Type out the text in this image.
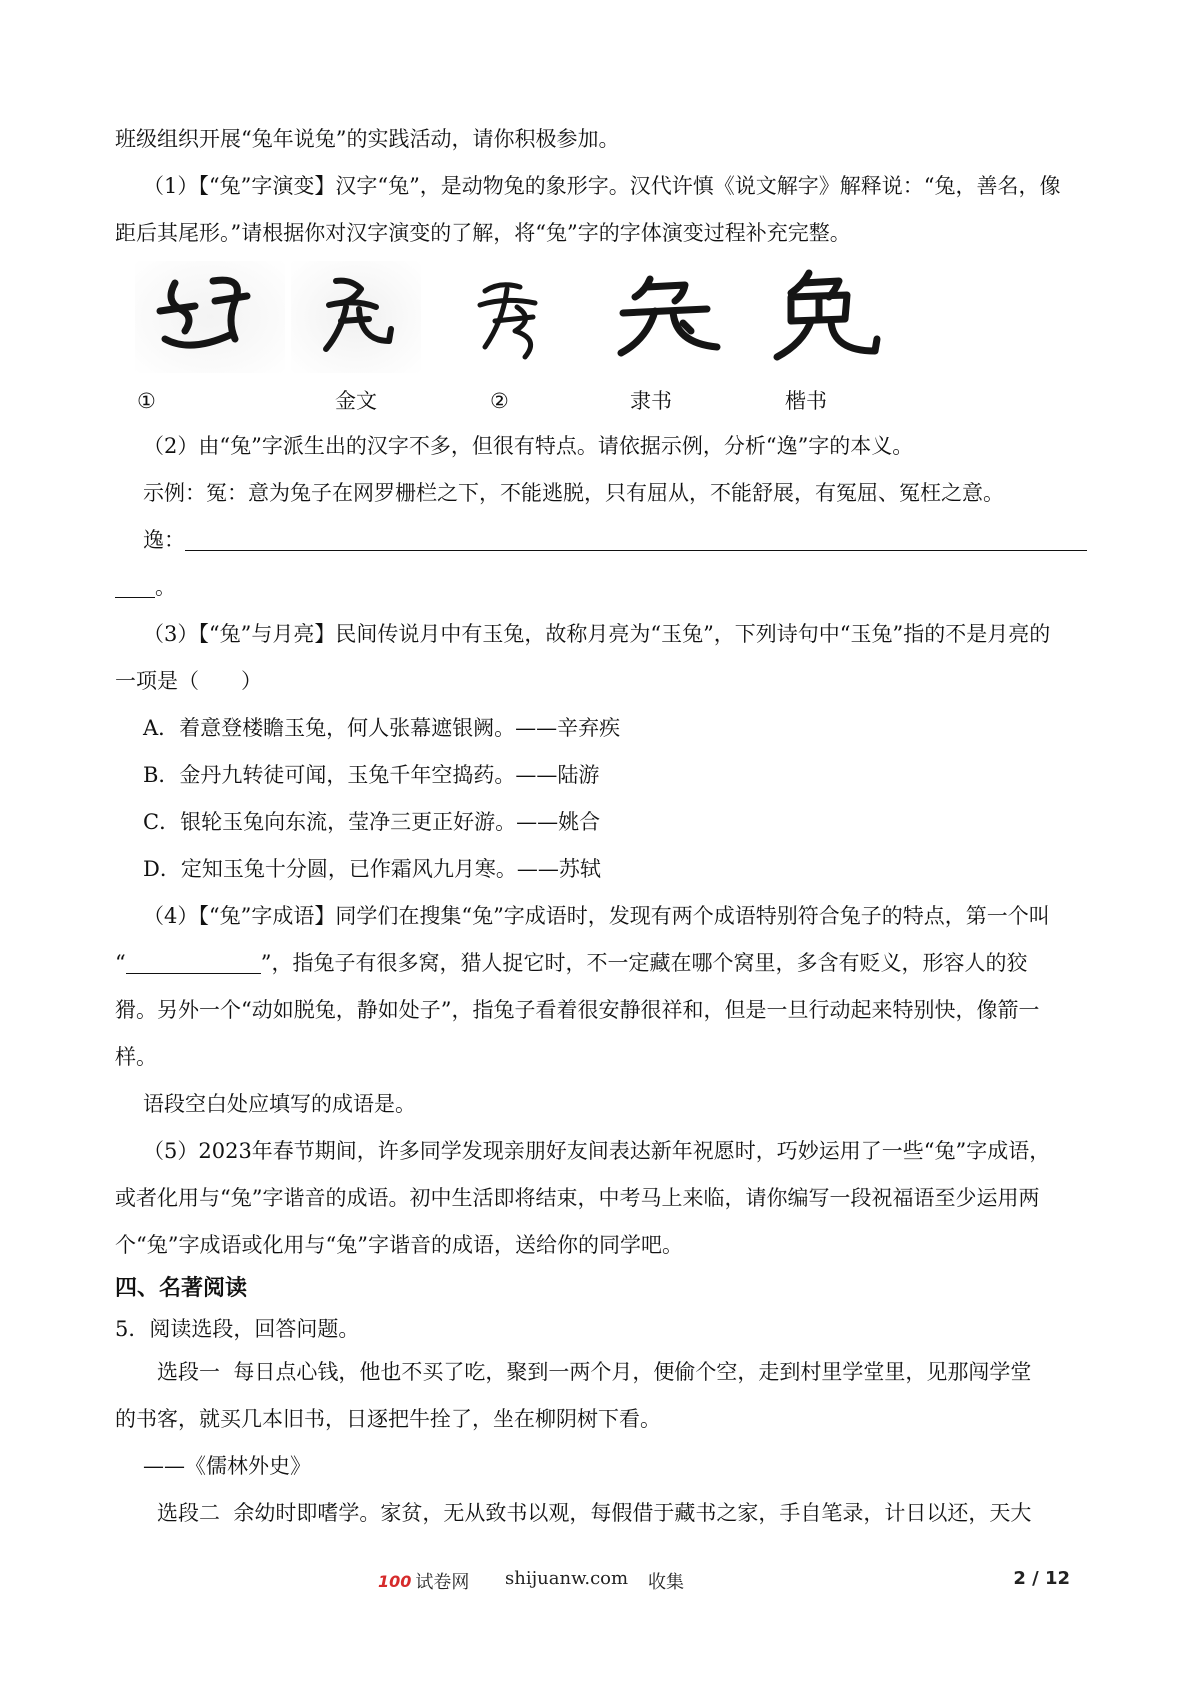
班级组织开展“兔年说兔”的实践活动，请你积极参加。

（1）【“兔”字演变】汉字“兔”，是动物兔的象形字。汉代许慎《说文解字》解释说：“兔，善名，像距后其尾形。”请根据你对汉字演变的了解，将“兔”字的字体演变过程补充完整。

①	金文	②	隶书	楷书

（2）由“兔”字派生出的汉字不多，但很有特点。请依据示例，分析“逸”字的本义。

示例：冤：意为兔子在网罗栅栏之下，不能逃脱，只有屈从，不能舒展，有冤屈、冤枉之意。

逸：

。

（3）【“兔”与月亮】民间传说月中有玉兔，故称月亮为“玉兔”，下列诗句中“玉兔”指的不是月亮的

一项是（　　）

A．着意登楼瞻玉兔，何人张幕遮银阙。——辛弃疾

B．金丹九转徒可闻，玉兔千年空捣药。——陆游

C．银轮玉兔向东流，莹净三更正好游。——姚合

D．定知玉兔十分圆，已作霜风九月寒。——苏轼

（4）【“兔”字成语】同学们在搜集“兔”字成语时，发现有两个成语特别符合兔子的特点，第一个叫

“	”，指兔子有很多窝，猎人捉它时，不一定藏在哪个窝里，多含有贬义，形容人的狡

猾。另外一个“动如脱兔，静如处子”，指兔子看着很安静很祥和，但是一旦行动起来特别快，像箭一

样。

语段空白处应填写的成语是。

（5）2023年春节期间，许多同学发现亲朋好友间表达新年祝愿时，巧妙运用了一些“兔”字成语，

或者化用与“兔”字谐音的成语。初中生活即将结束，中考马上来临，请你编写一段祝福语至少运用两

个“兔”字成语或化用与“兔”字谐音的成语，送给你的同学吧。

四、名著阅读

5．阅读选段，回答问题。

选段一  每日点心钱，他也不买了吃，聚到一两个月，便偷个空，走到村里学堂里，见那闯学堂

的书客，就买几本旧书，日逐把牛拴了，坐在柳阴树下看。

——《儒林外史》

选段二  余幼时即嗜学。家贫，无从致书以观，每假借于藏书之家，手自笔录，计日以还，天大

100 试卷网 shijuanw.com 收集	2 / 12
